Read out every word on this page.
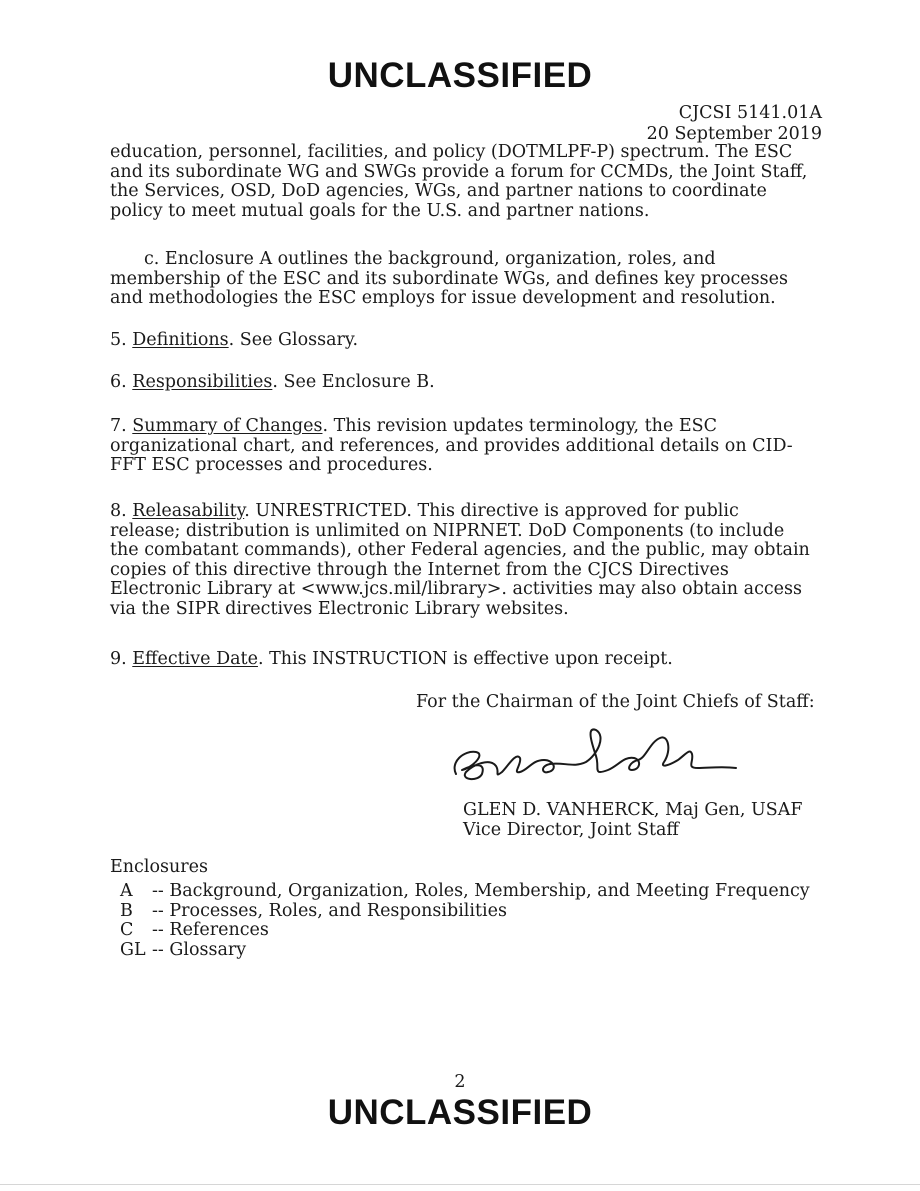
UNCLASSIFIED
CJCSI 5141.01A
20 September 2019
education, personnel, facilities, and policy (DOTMLPF-P) spectrum. The ESC
and its subordinate WG and SWGs provide a forum for CCMDs, the Joint Staff,
the Services, OSD, DoD agencies, WGs, and partner nations to coordinate
policy to meet mutual goals for the U.S. and partner nations.
c. Enclosure A outlines the background, organization, roles, and
membership of the ESC and its subordinate WGs, and defines key processes
and methodologies the ESC employs for issue development and resolution.
5. Definitions. See Glossary.
6. Responsibilities. See Enclosure B.
7. Summary of Changes. This revision updates terminology, the ESC
organizational chart, and references, and provides additional details on CID-
FFT ESC processes and procedures.
8. Releasability. UNRESTRICTED. This directive is approved for public
release; distribution is unlimited on NIPRNET. DoD Components (to include
the combatant commands), other Federal agencies, and the public, may obtain
copies of this directive through the Internet from the CJCS Directives
Electronic Library at <www.jcs.mil/library>. activities may also obtain access
via the SIPR directives Electronic Library websites.
9. Effective Date. This INSTRUCTION is effective upon receipt.
For the Chairman of the Joint Chiefs of Staff:
GLEN D. VANHERCK, Maj Gen, USAF
Vice Director, Joint Staff
Enclosures
A -- Background, Organization, Roles, Membership, and Meeting Frequency
B -- Processes, Roles, and Responsibilities
C -- References
GL -- Glossary
2
UNCLASSIFIED
